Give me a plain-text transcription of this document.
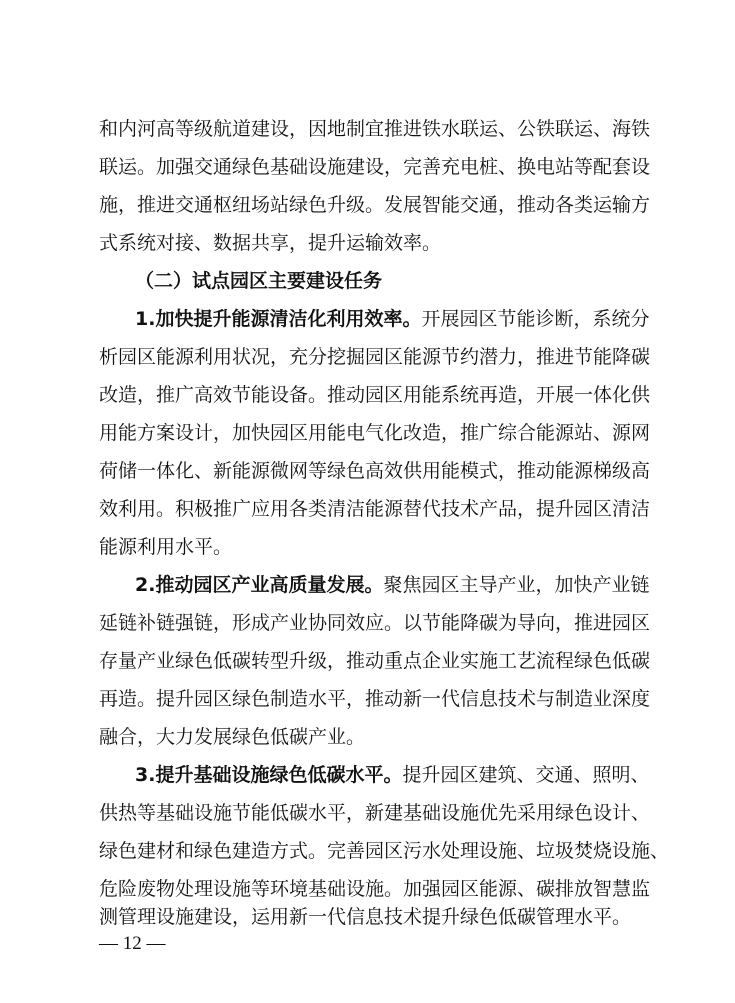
和内河高等级航道建设，因地制宜推进铁水联运、公铁联运、海铁
联运。加强交通绿色基础设施建设，完善充电桩、换电站等配套设
施，推进交通枢纽场站绿色升级。发展智能交通，推动各类运输方
式系统对接、数据共享，提升运输效率。
（二）试点园区主要建设任务
1.加快提升能源清洁化利用效率。开展园区节能诊断，系统分
析园区能源利用状况，充分挖掘园区能源节约潜力，推进节能降碳
改造，推广高效节能设备。推动园区用能系统再造，开展一体化供
用能方案设计，加快园区用能电气化改造，推广综合能源站、源网
荷储一体化、新能源微网等绿色高效供用能模式，推动能源梯级高
效利用。积极推广应用各类清洁能源替代技术产品，提升园区清洁
能源利用水平。
2.推动园区产业高质量发展。聚焦园区主导产业，加快产业链
延链补链强链，形成产业协同效应。以节能降碳为导向，推进园区
存量产业绿色低碳转型升级，推动重点企业实施工艺流程绿色低碳
再造。提升园区绿色制造水平，推动新一代信息技术与制造业深度
融合，大力发展绿色低碳产业。
3.提升基础设施绿色低碳水平。提升园区建筑、交通、照明、
供热等基础设施节能低碳水平，新建基础设施优先采用绿色设计、
绿色建材和绿色建造方式。完善园区污水处理设施、垃圾焚烧设施、
危险废物处理设施等环境基础设施。加强园区能源、碳排放智慧监
测管理设施建设，运用新一代信息技术提升绿色低碳管理水平。
— 12 —
